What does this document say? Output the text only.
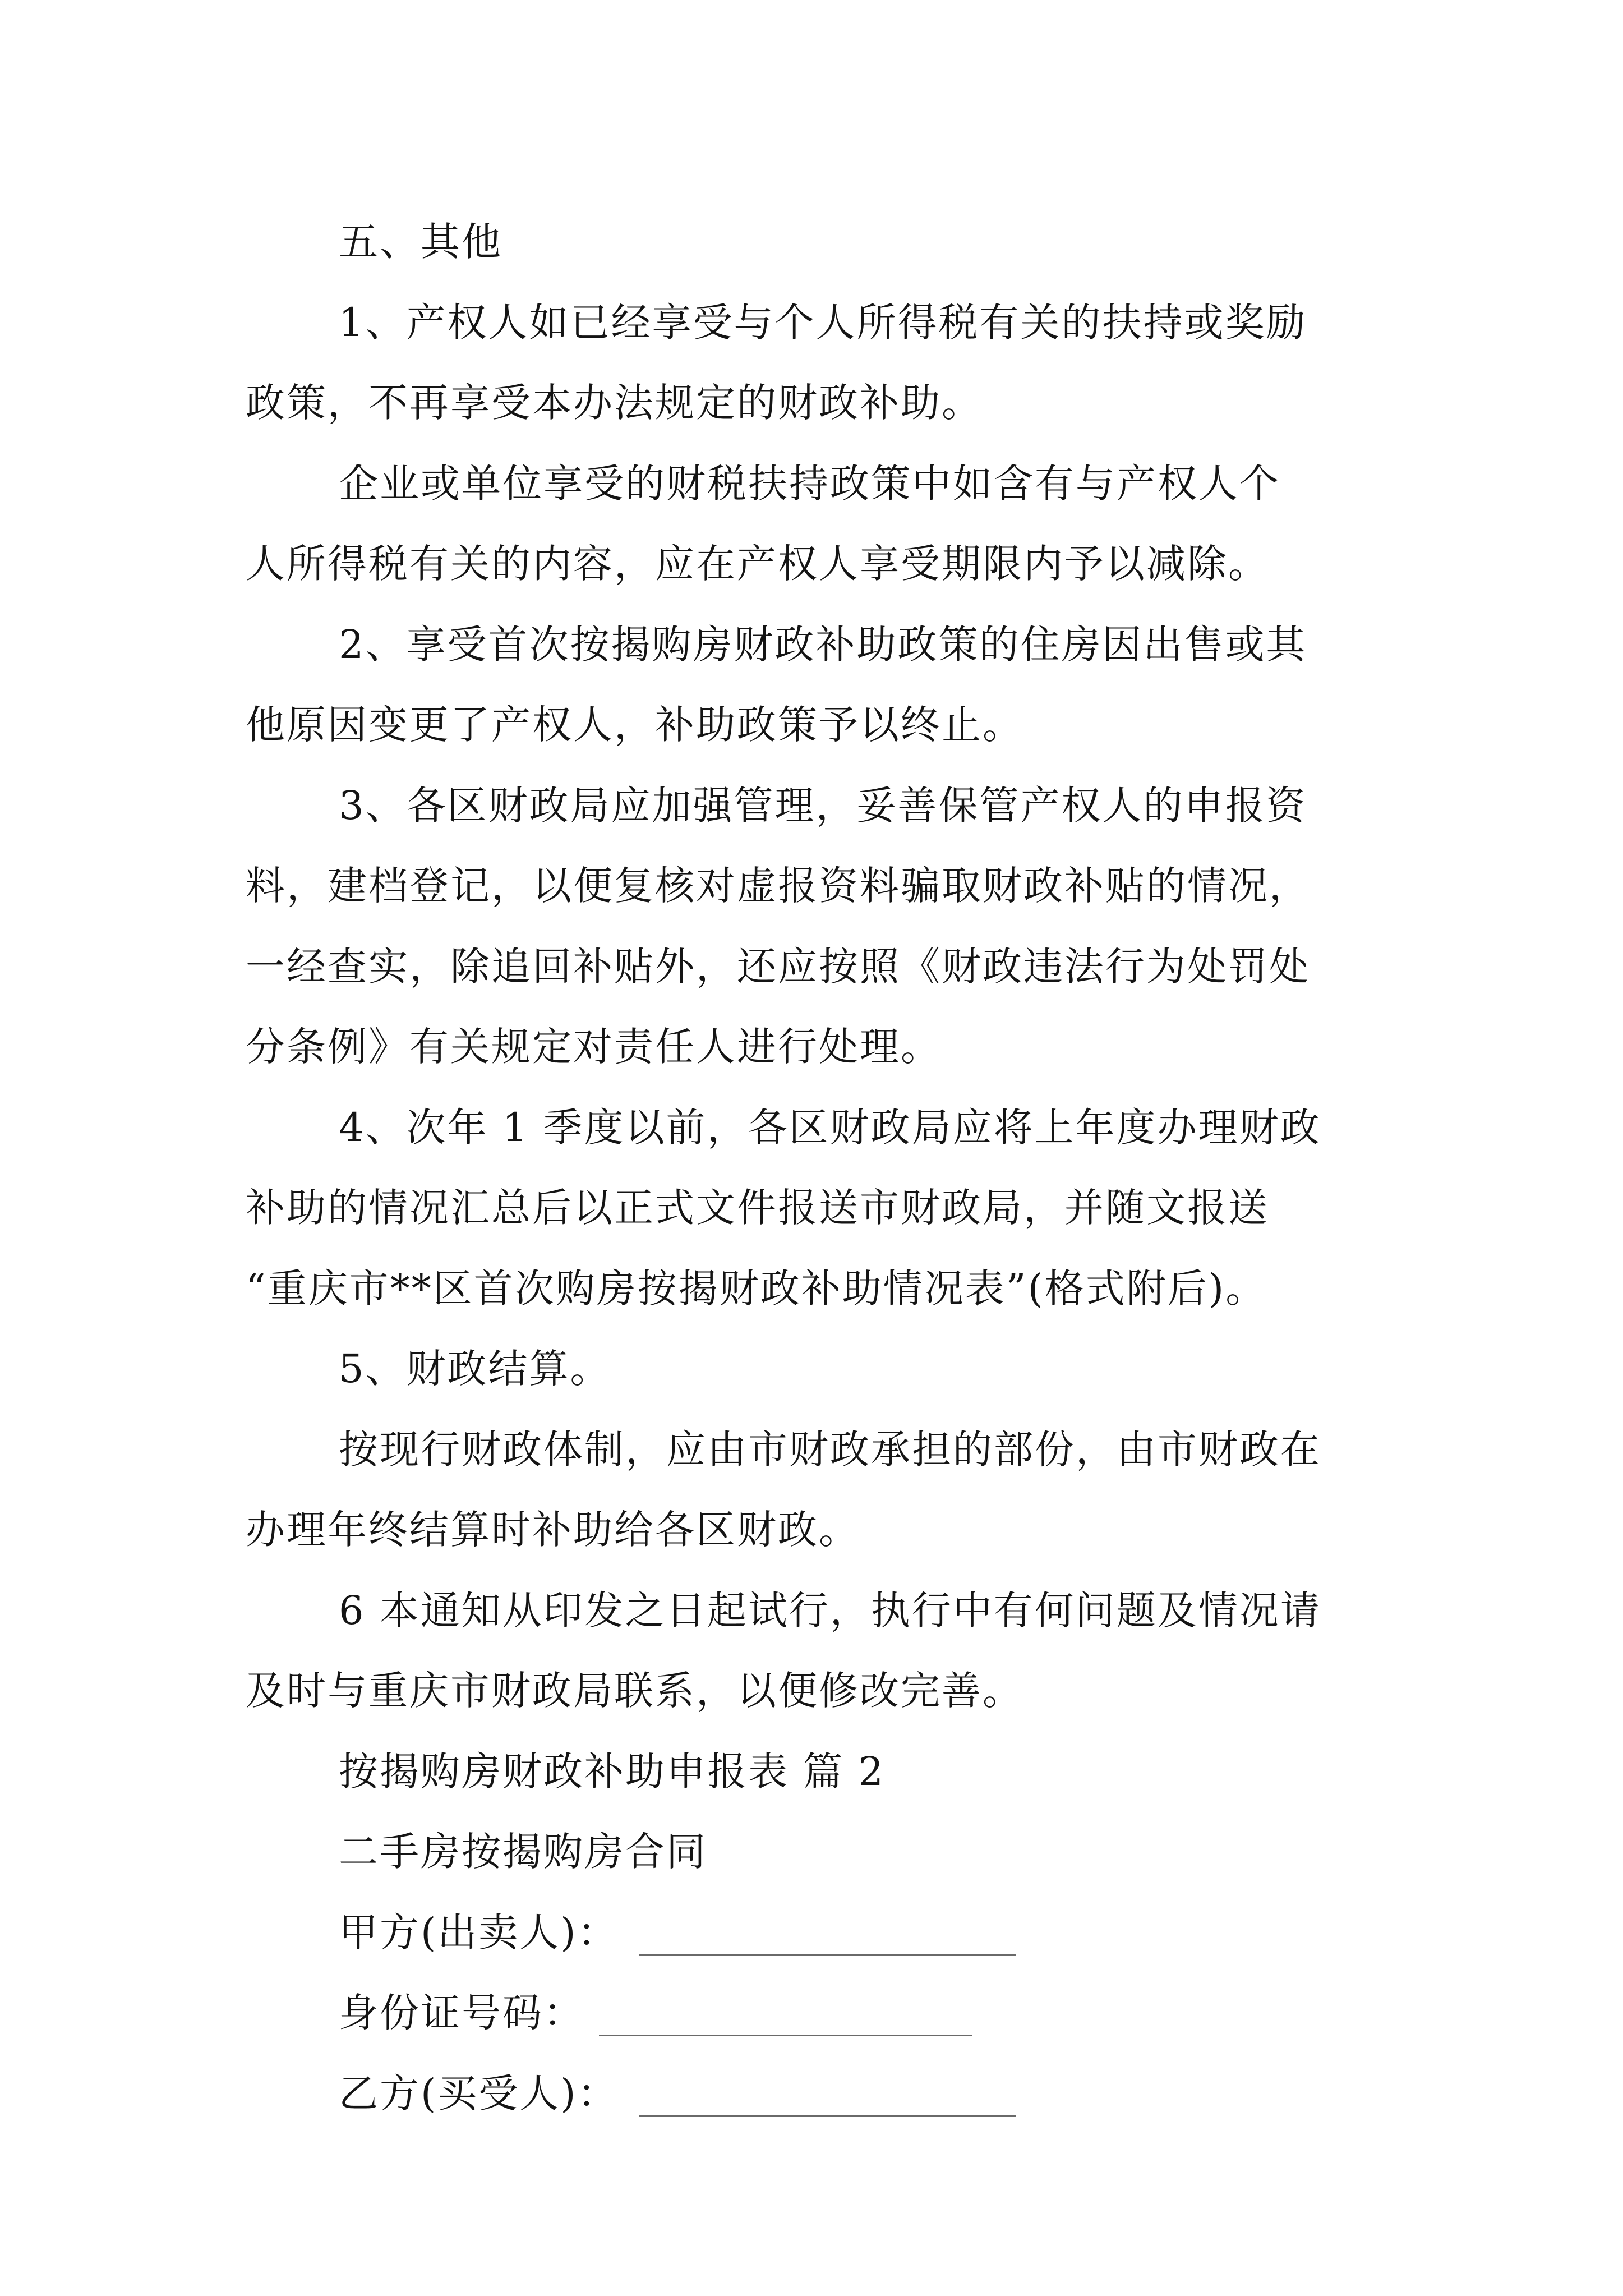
五、其他

1、产权人如已经享受与个人所得税有关的扶持或奖励

政策，不再享受本办法规定的财政补助。

企业或单位享受的财税扶持政策中如含有与产权人个

人所得税有关的内容，应在产权人享受期限内予以减除。

2、享受首次按揭购房财政补助政策的住房因出售或其

他原因变更了产权人，补助政策予以终止。

3、各区财政局应加强管理，妥善保管产权人的申报资

料，建档登记，以便复核对虚报资料骗取财政补贴的情况，

一经查实，除追回补贴外，还应按照《财政违法行为处罚处

分条例》有关规定对责任人进行处理。

4、次年 1 季度以前，各区财政局应将上年度办理财政

补助的情况汇总后以正式文件报送市财政局，并随文报送

“重庆市**区首次购房按揭财政补助情况表”(格式附后)。

5、财政结算。

按现行财政体制，应由市财政承担的部份，由市财政在

办理年终结算时补助给各区财政。

6 本通知从印发之日起试行，执行中有何问题及情况请

及时与重庆市财政局联系，以便修改完善。

按揭购房财政补助申报表 篇 2

二手房按揭购房合同

甲方(出卖人)：

身份证号码：

乙方(买受人)：
